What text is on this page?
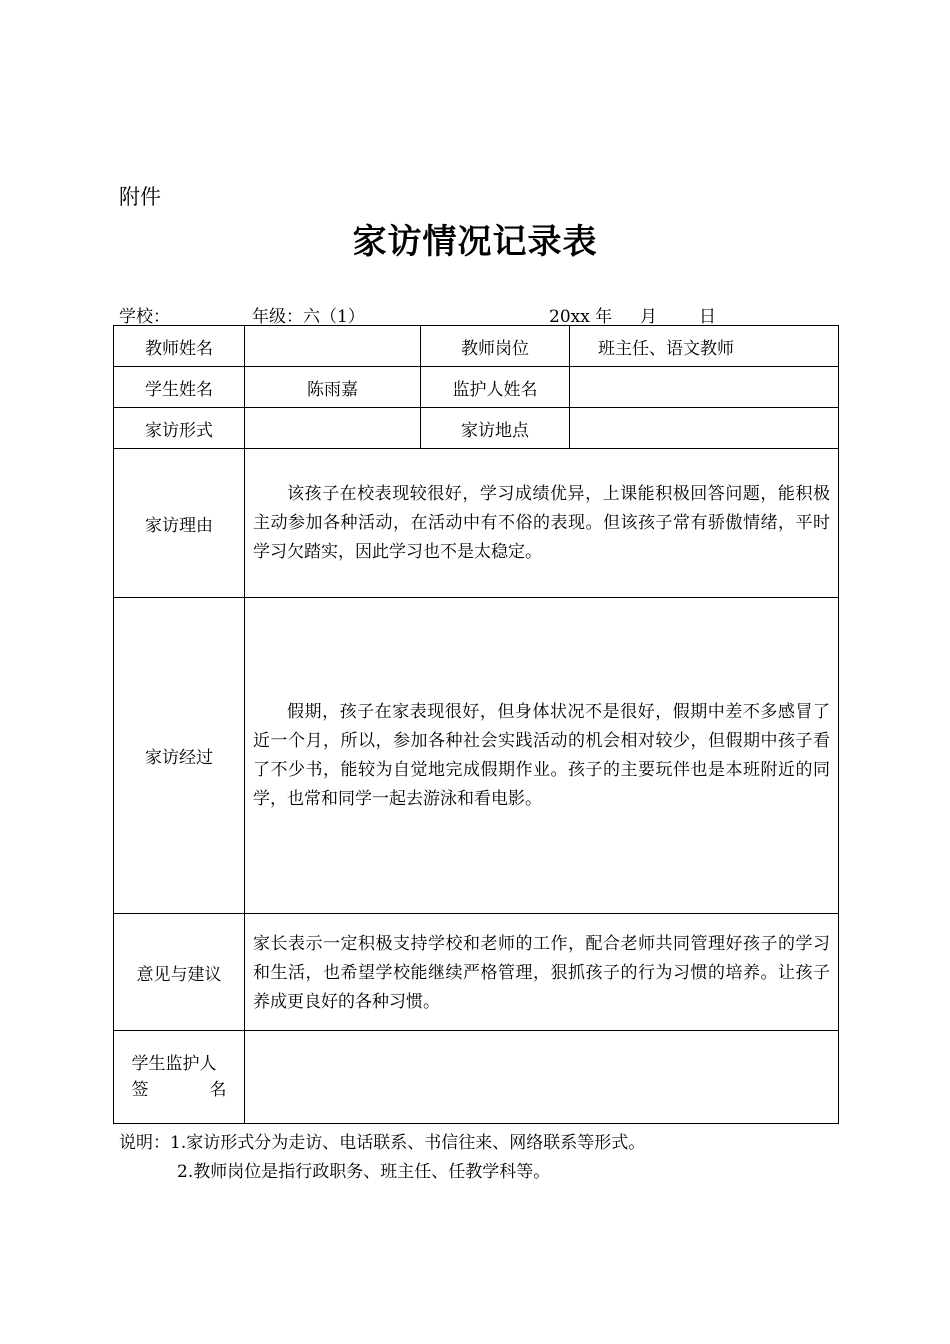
附件
家访情况记录表
学校：	年级：六（1）	20xx 年 月 日
教师姓名		教师岗位	班主任、语文教师
学生姓名	陈雨嘉	监护人姓名	
家访形式		家访地点	
家访理由	该孩子在校表现较很好，学习成绩优异，上课能积极回答问题，能积极主动参加各种活动，在活动中有不俗的表现。但该孩子常有骄傲情绪，平时学习欠踏实，因此学习也不是太稳定。		
家访经过	假期，孩子在家表现很好，但身体状况不是很好，假期中差不多感冒了近一个月，所以，参加各种社会实践活动的机会相对较少，但假期中孩子看了不少书，能较为自觉地完成假期作业。孩子的主要玩伴也是本班附近的同学，也常和同学一起去游泳和看电影。		
意见与建议	家长表示一定积极支持学校和老师的工作，配合老师共同管理好孩子的学习和生活，也希望学校能继续严格管理，狠抓孩子的行为习惯的培养。让孩子养成更良好的各种习惯。		

学生监护人
签 名			

说明：1.家访形式分为走访、电话联系、书信往来、网络联系等形式。
2.教师岗位是指行政职务、班主任、任教学科等。
